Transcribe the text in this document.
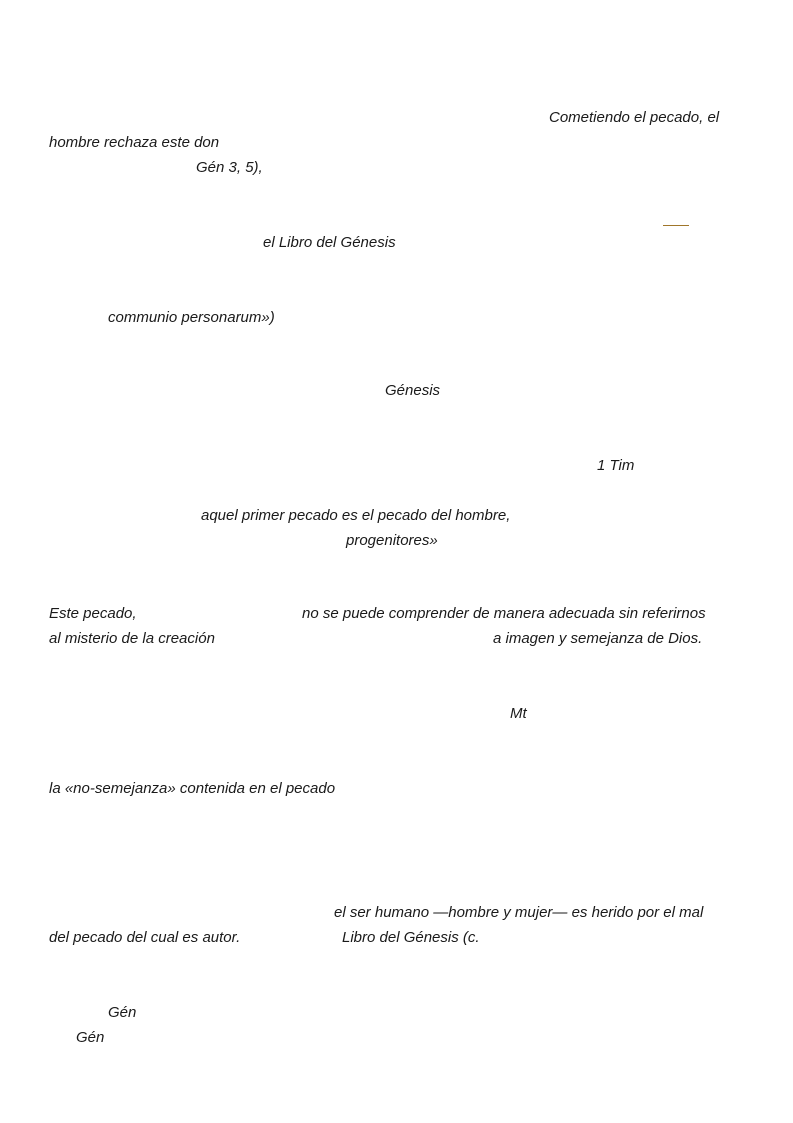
Cometiendo el pecado, el
hombre rechaza este don
Gén 3, 5),
el Libro del Génesis
communio personarum»)
Génesis
1 Tim
aquel primer pecado es el pecado del hombre,
progenitores»
Este pecado,	no se puede comprender de manera adecuada sin referirnos
al misterio de la creación	a imagen y semejanza de Dios.
Mt
la «no-semejanza» contenida en el pecado
el ser humano —hombre y mujer— es herido por el mal
del pecado del cual es autor.	Libro del Génesis (c.
Gén
Gén
